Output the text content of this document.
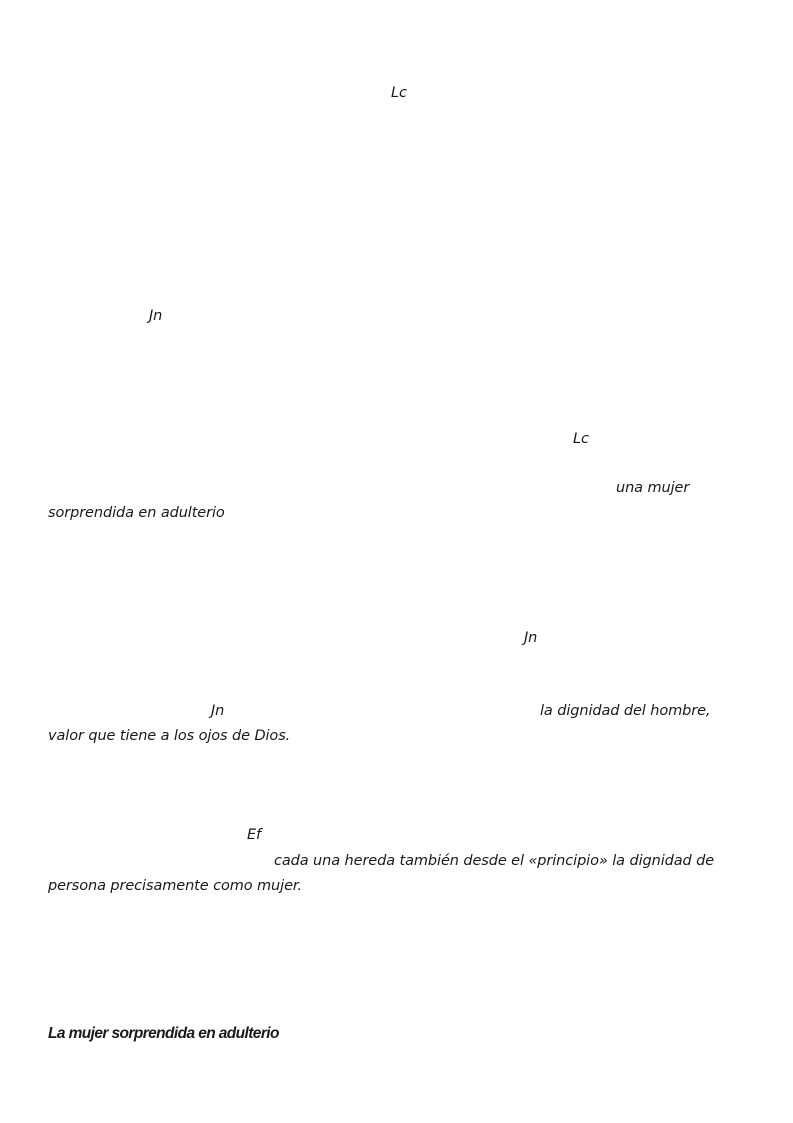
Lc
Jn
Lc
una mujer
sorprendida en adulterio
Jn
Jn	la dignidad del hombre,
valor que tiene a los ojos de Dios.
Ef
cada una hereda también desde el «principio» la dignidad de
persona precisamente como mujer.
La mujer sorprendida en adulterio
